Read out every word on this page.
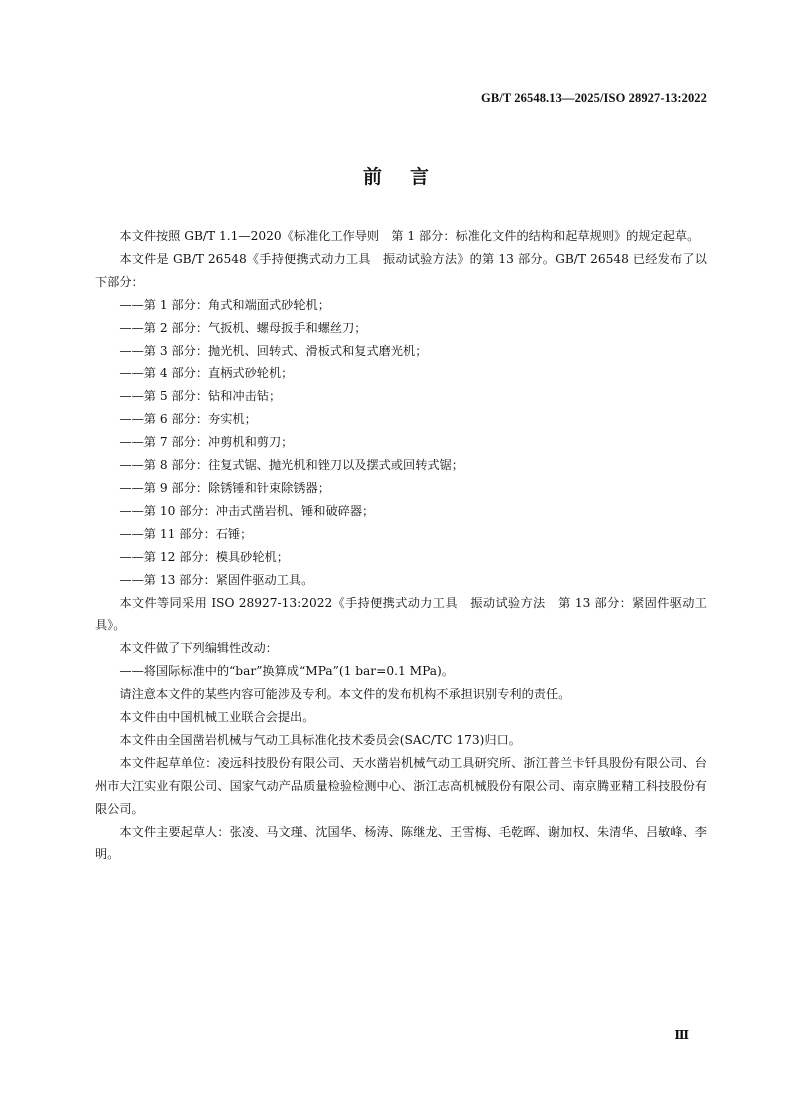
GB/T 26548.13—2025/ISO 28927-13:2022
前言

本文件按照 GB/T 1.1—2020《标准化工作导则　第 1 部分：标准化文件的结构和起草规则》的规定起草。

本文件是 GB/T 26548《手持便携式动力工具　振动试验方法》的第 13 部分。GB/T 26548 已经发布了以下部分：

——第 1 部分：角式和端面式砂轮机；

——第 2 部分：气扳机、螺母扳手和螺丝刀；

——第 3 部分：抛光机、回转式、滑板式和复式磨光机；

——第 4 部分：直柄式砂轮机；

——第 5 部分：钻和冲击钻；

——第 6 部分：夯实机；

——第 7 部分：冲剪机和剪刀；

——第 8 部分：往复式锯、抛光机和锉刀以及摆式或回转式锯；

——第 9 部分：除锈锤和针束除锈器；

——第 10 部分：冲击式凿岩机、锤和破碎器；

——第 11 部分：石锤；

——第 12 部分：模具砂轮机；

——第 13 部分：紧固件驱动工具。

本文件等同采用 ISO 28927-13:2022《手持便携式动力工具　振动试验方法　第 13 部分：紧固件驱动工具》。

本文件做了下列编辑性改动：

——将国际标准中的“bar”换算成“MPa”(1 bar=0.1 MPa)。

请注意本文件的某些内容可能涉及专利。本文件的发布机构不承担识别专利的责任。

本文件由中国机械工业联合会提出。

本文件由全国凿岩机械与气动工具标准化技术委员会(SAC/TC 173)归口。

本文件起草单位：凌远科技股份有限公司、天水凿岩机械气动工具研究所、浙江普兰卡钎具股份有限公司、台州市大江实业有限公司、国家气动产品质量检验检测中心、浙江志高机械股份有限公司、南京腾亚精工科技股份有限公司。

本文件主要起草人：张凌、马文瑾、沈国华、杨涛、陈继龙、王雪梅、毛乾晖、谢加权、朱清华、吕敏峰、李明。

Ⅲ
